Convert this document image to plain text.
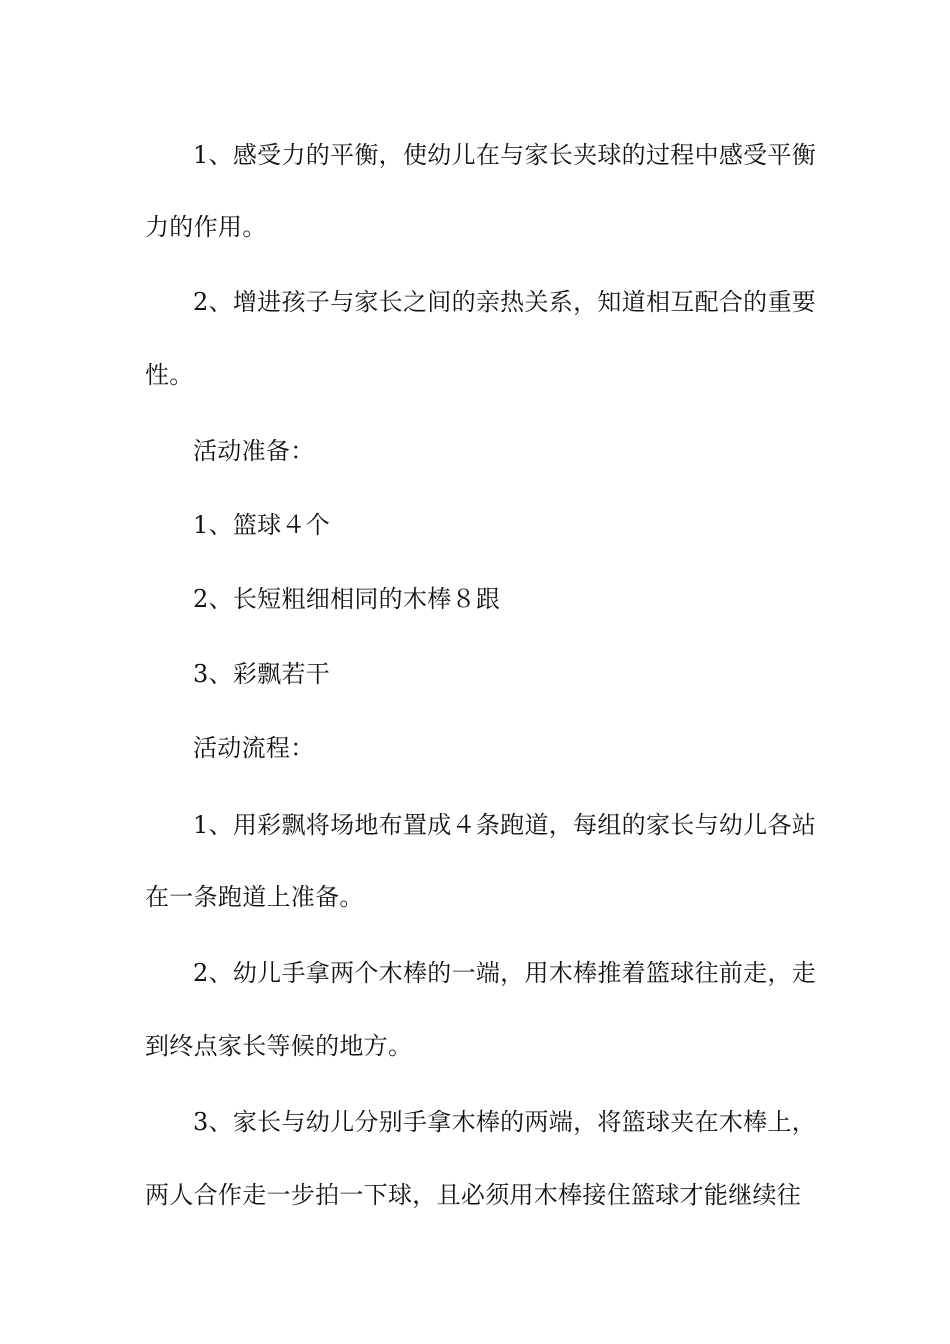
1、感受力的平衡，使幼儿在与家长夹球的过程中感受平衡
力的作用。
2、增进孩子与家长之间的亲热关系，知道相互配合的重要
性。
活动准备：
1、篮球４个
2、长短粗细相同的木棒８跟
3、彩飘若干
活动流程：
1、用彩飘将场地布置成４条跑道，每组的家长与幼儿各站
在一条跑道上准备。
2、幼儿手拿两个木棒的一端，用木棒推着篮球往前走，走
到终点家长等候的地方。
3、家长与幼儿分别手拿木棒的两端，将篮球夹在木棒上，
两人合作走一步拍一下球，且必须用木棒接住篮球才能继续往
